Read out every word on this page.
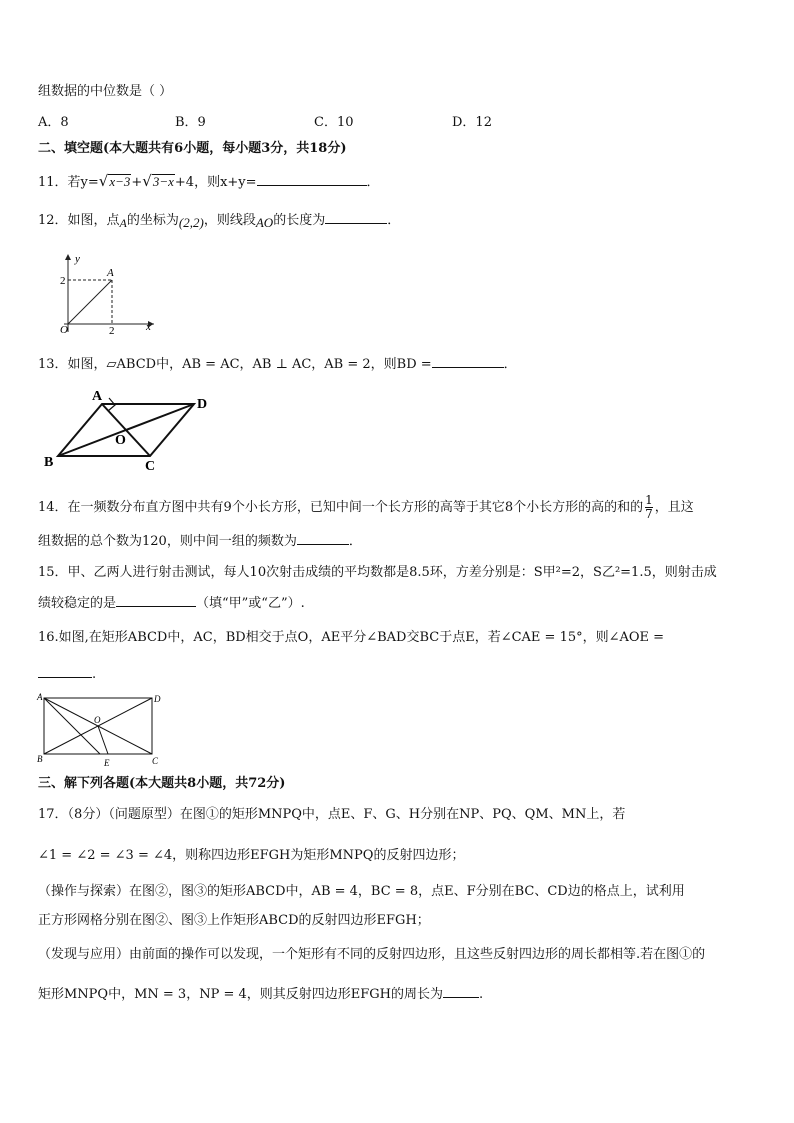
组数据的中位数是（ ）
A．8	B．9	C．10	D．12
二、填空题(本大题共有6小题，每小题3分，共18分)
11．若y=√x−3+√3−x+4，则x+y=	．
12．如图，点A的坐标为(2,2)，则线段AO的长度为	．
y
x
O
A
2
2
13．如图，▱ABCD中，AB = AC，AB ⊥ AC，AB = 2，则BD =	．
A
D
B	C
O
14．在一频数分布直方图中共有9个小长方形，已知中间一个长方形的高等于其它8个小长方形的高的和的 $\frac{1}{7}$ ，且这
组数据的总个数为120，则中间一组的频数为	．
15．甲、乙两人进行射击测试，每人10次射击成绩的平均数都是8.5环，方差分别是：S甲²=2，S乙²=1.5，则射击成
绩较稳定的是	（填“甲”或“乙”）.
16.如图,在矩形ABCD中，AC，BD相交于点O，AE平分∠BAD交BC于点E，若∠CAE = 15°，则∠AOE =
.
A	D
B	C
O
E
三、解下列各题(本大题共8小题，共72分)
17．（8分）（问题原型）在图①的矩形MNPQ中，点E、F、G、H分别在NP、PQ、QM、MN上，若
∠1 = ∠2 = ∠3 = ∠4，则称四边形EFGH为矩形MNPQ的反射四边形；
（操作与探索）在图②，图③的矩形ABCD中，AB = 4，BC = 8，点E、F分别在BC、CD边的格点上，试利用
正方形网格分别在图②、图③上作矩形ABCD的反射四边形EFGH；
（发现与应用）由前面的操作可以发现，一个矩形有不同的反射四边形，且这些反射四边形的周长都相等.若在图①的
矩形MNPQ中，MN = 3，NP = 4，则其反射四边形EFGH的周长为	.
